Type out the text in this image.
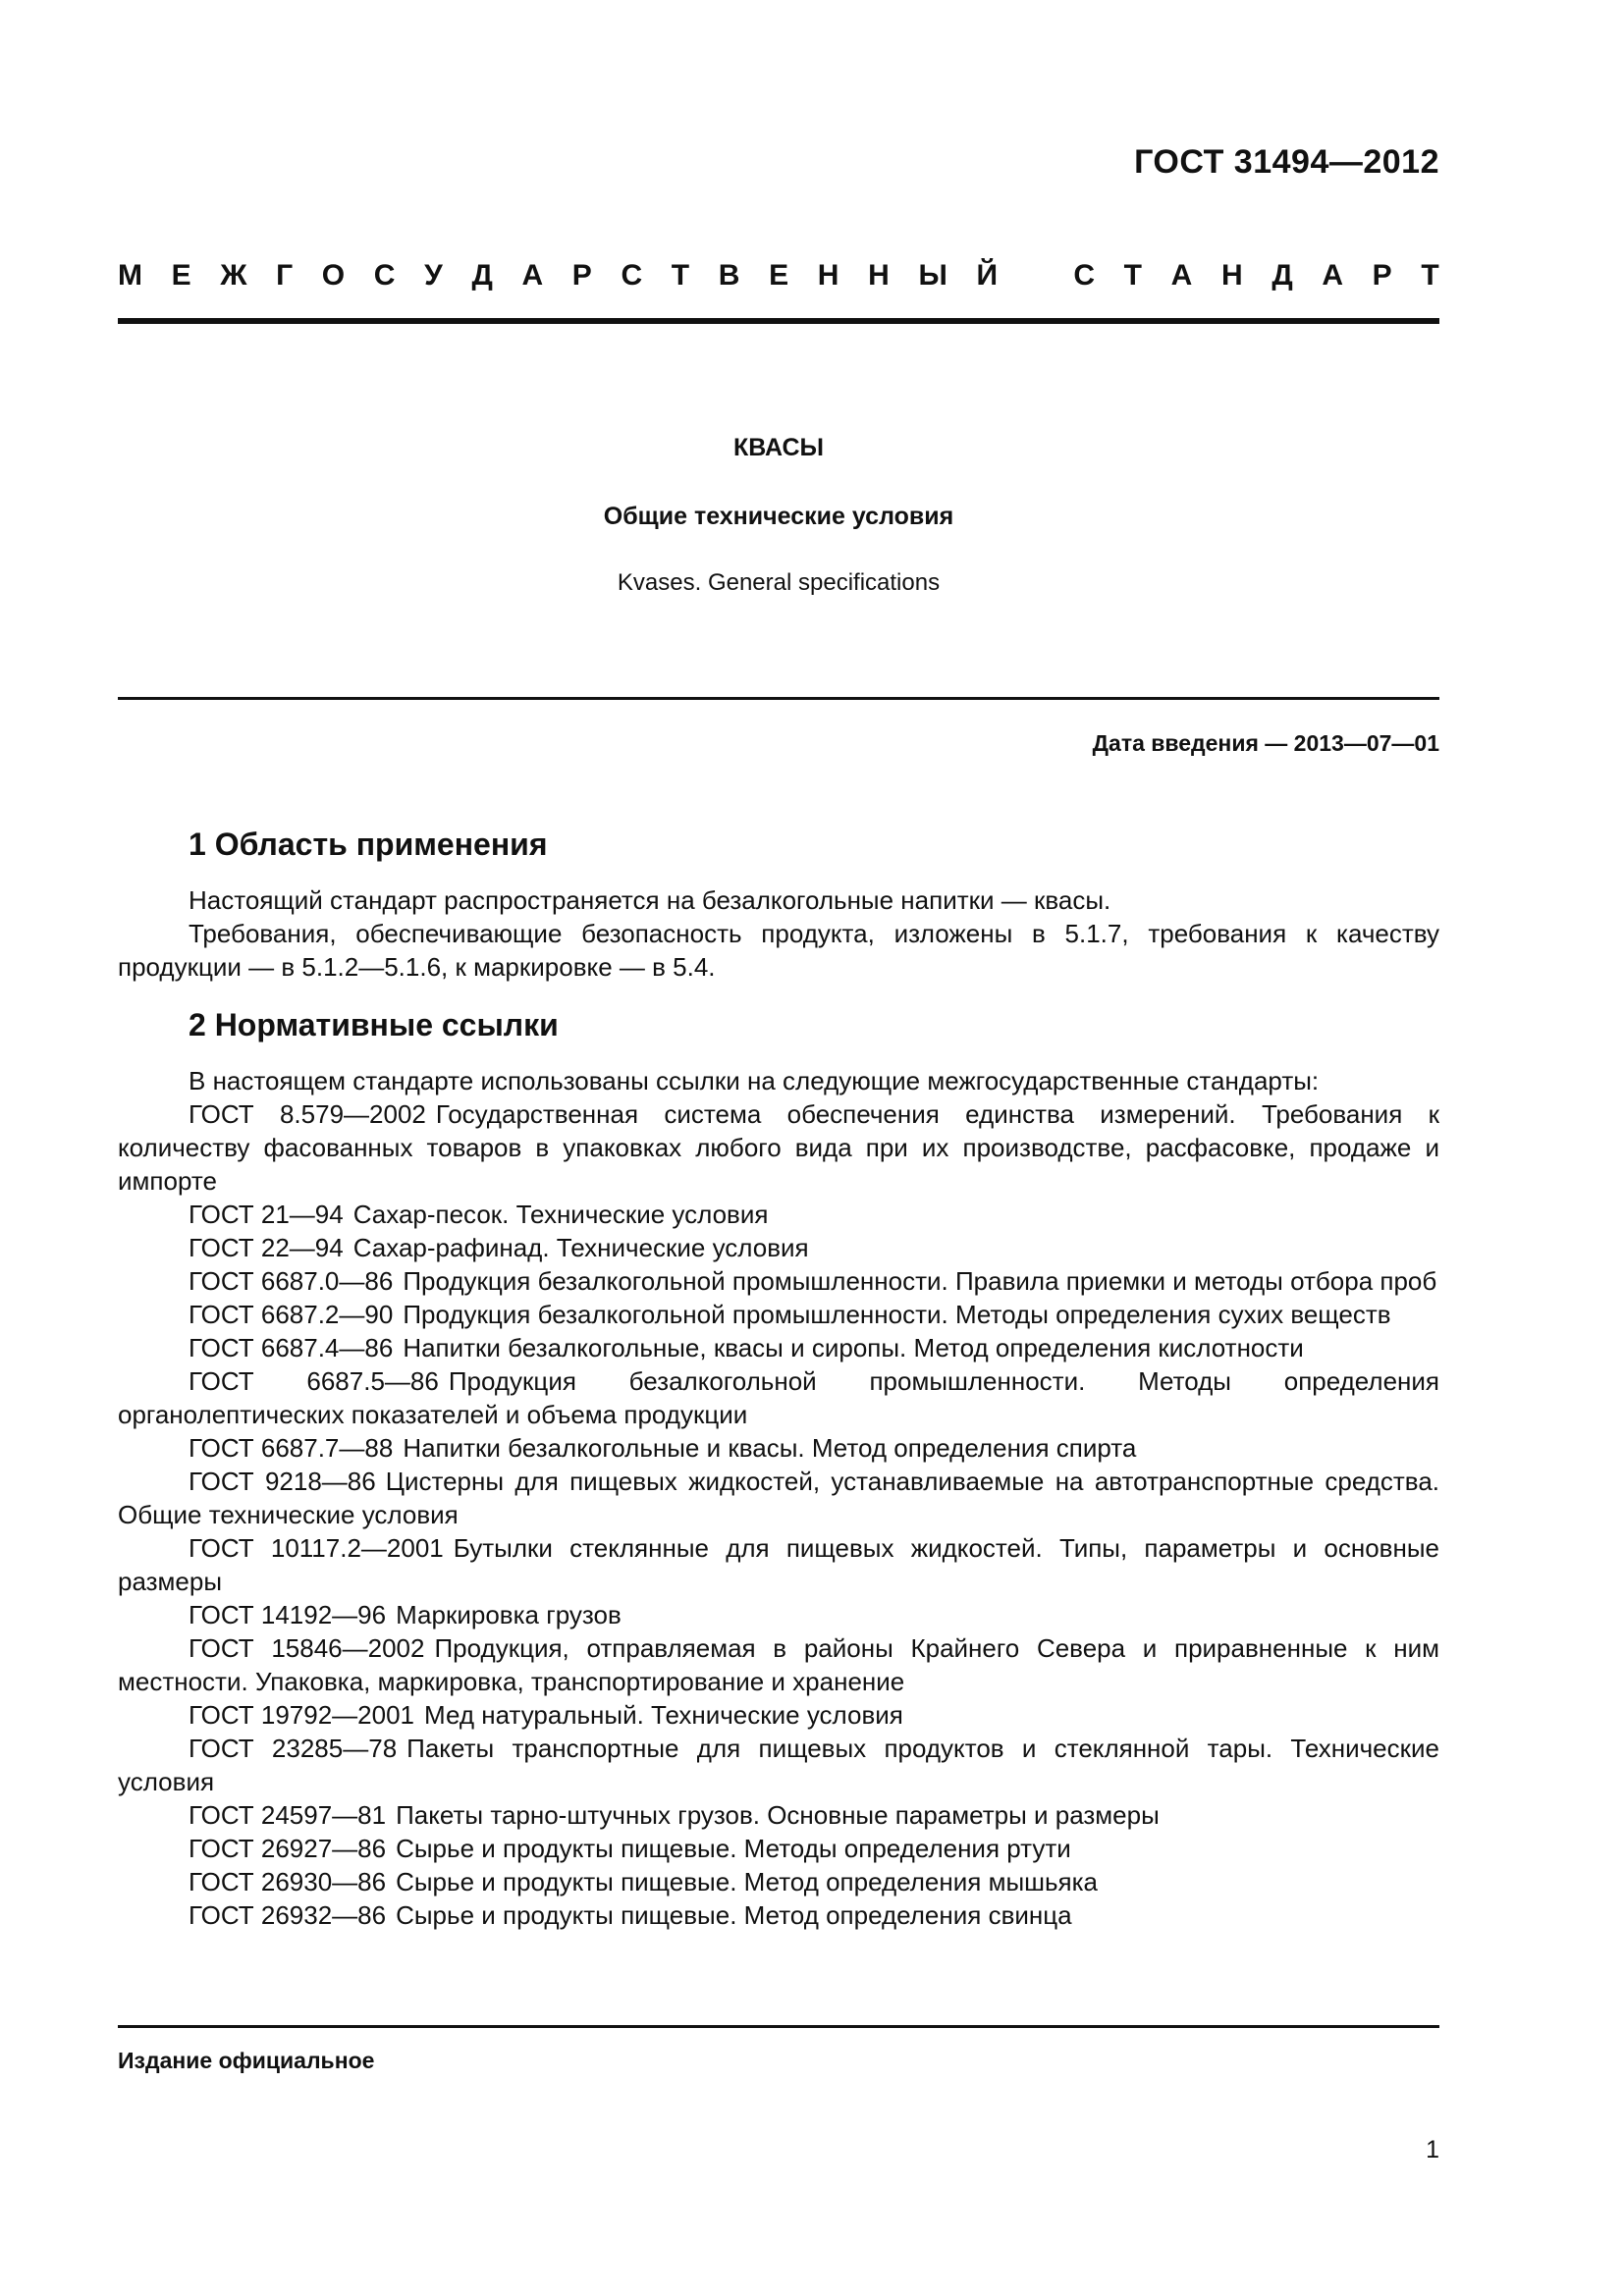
ГОСТ 31494—2012
М Е Ж Г О С У Д А Р С Т В Е Н Н Ы Й
	С Т А Н Д А Р Т
КВАСЫ
Общие технические условия
Kvases. General specifications
Дата введения — 2013—07—01
1 Область применения

Настоящий стандарт распространяется на безалкогольные напитки — квасы.

Требования, обеспечивающие безопасность продукта, изложены в 5.1.7, требования к качеству продукции — в 5.1.2—5.1.6, к маркировке — в 5.4.

2 Нормативные ссылки

В настоящем стандарте использованы ссылки на следующие межгосударственные стандарты:

ГОСТ 8.579—2002 Государственная система обеспечения единства измерений. Требования к количеству фасованных товаров в упаковках любого вида при их производстве, расфасовке, продаже и импорте
ГОСТ 21—94 Сахар-песок. Технические условия
ГОСТ 22—94 Сахар-рафинад. Технические условия
ГОСТ 6687.0—86 Продукция безалкогольной промышленности. Правила приемки и методы отбора проб
ГОСТ 6687.2—90 Продукция безалкогольной промышленности. Методы определения сухих веществ
ГОСТ 6687.4—86 Напитки безалкогольные, квасы и сиропы. Метод определения кислотности
ГОСТ 6687.5—86 Продукция безалкогольной промышленности. Методы определения органолептических показателей и объема продукции
ГОСТ 6687.7—88 Напитки безалкогольные и квасы. Метод определения спирта
ГОСТ 9218—86 Цистерны для пищевых жидкостей, устанавливаемые на автотранспортные средства. Общие технические условия
ГОСТ 10117.2—2001 Бутылки стеклянные для пищевых жидкостей. Типы, параметры и основные размеры
ГОСТ 14192—96 Маркировка грузов
ГОСТ 15846—2002 Продукция, отправляемая в районы Крайнего Севера и приравненные к ним местности. Упаковка, маркировка, транспортирование и хранение
ГОСТ 19792—2001 Мед натуральный. Технические условия
ГОСТ 23285—78 Пакеты транспортные для пищевых продуктов и стеклянной тары. Технические условия
ГОСТ 24597—81 Пакеты тарно-штучных грузов. Основные параметры и размеры
ГОСТ 26927—86 Сырье и продукты пищевые. Методы определения ртути
ГОСТ 26930—86 Сырье и продукты пищевые. Метод определения мышьяка
ГОСТ 26932—86 Сырье и продукты пищевые. Метод определения свинца
Издание официальное
1
